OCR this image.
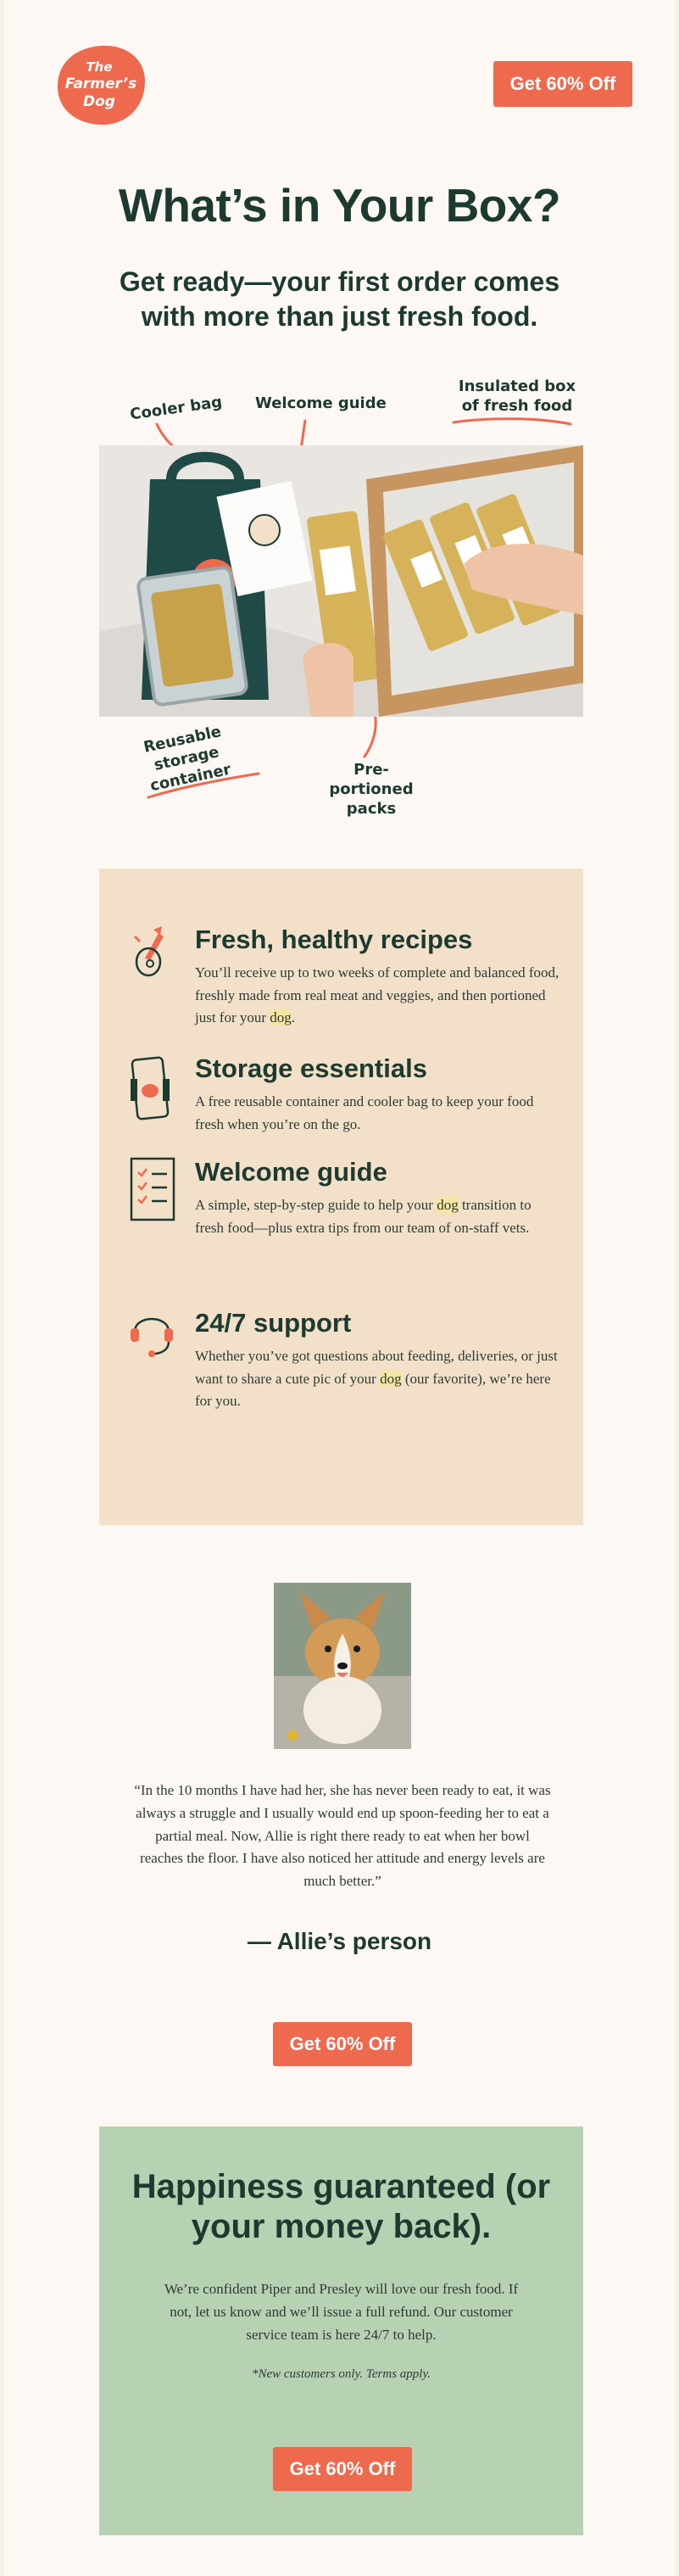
The
Farmer’s
Dog
Get 60% Off
What’s in Your Box?
Get ready—your first order comes with more than just fresh food.
Cooler bag Welcome guide
Insulated box of fresh food
Reusable storage container	Pre-portioned packs
Fresh, healthy recipes
You’ll receive up to two weeks of complete and balanced food, freshly made from real meat and veggies, and then portioned just for your dog.
Storage essentials
A free reusable container and cooler bag to keep your food fresh when you’re on the go.
Welcome guide
A simple, step-by-step guide to help your dog transition to fresh food—plus extra tips from our team of on-staff vets.
24/7 support
Whether you’ve got questions about feeding, deliveries, or just want to share a cute pic of your dog (our favorite), we’re here for you.
“In the 10 months I have had her, she has never been ready to eat, it was always a struggle and I usually would end up spoon-feeding her to eat a partial meal. Now, Allie is right there ready to eat when her bowl reaches the floor. I have also noticed her attitude and energy levels are much better.”
— Allie’s person
Get 60% Off
Happiness guaranteed (or your money back).
We’re confident Piper and Presley will love our fresh food. If not, let us know and we’ll issue a full refund. Our customer service team is here 24/7 to help.
*New customers only. Terms apply.
Get 60% Off
